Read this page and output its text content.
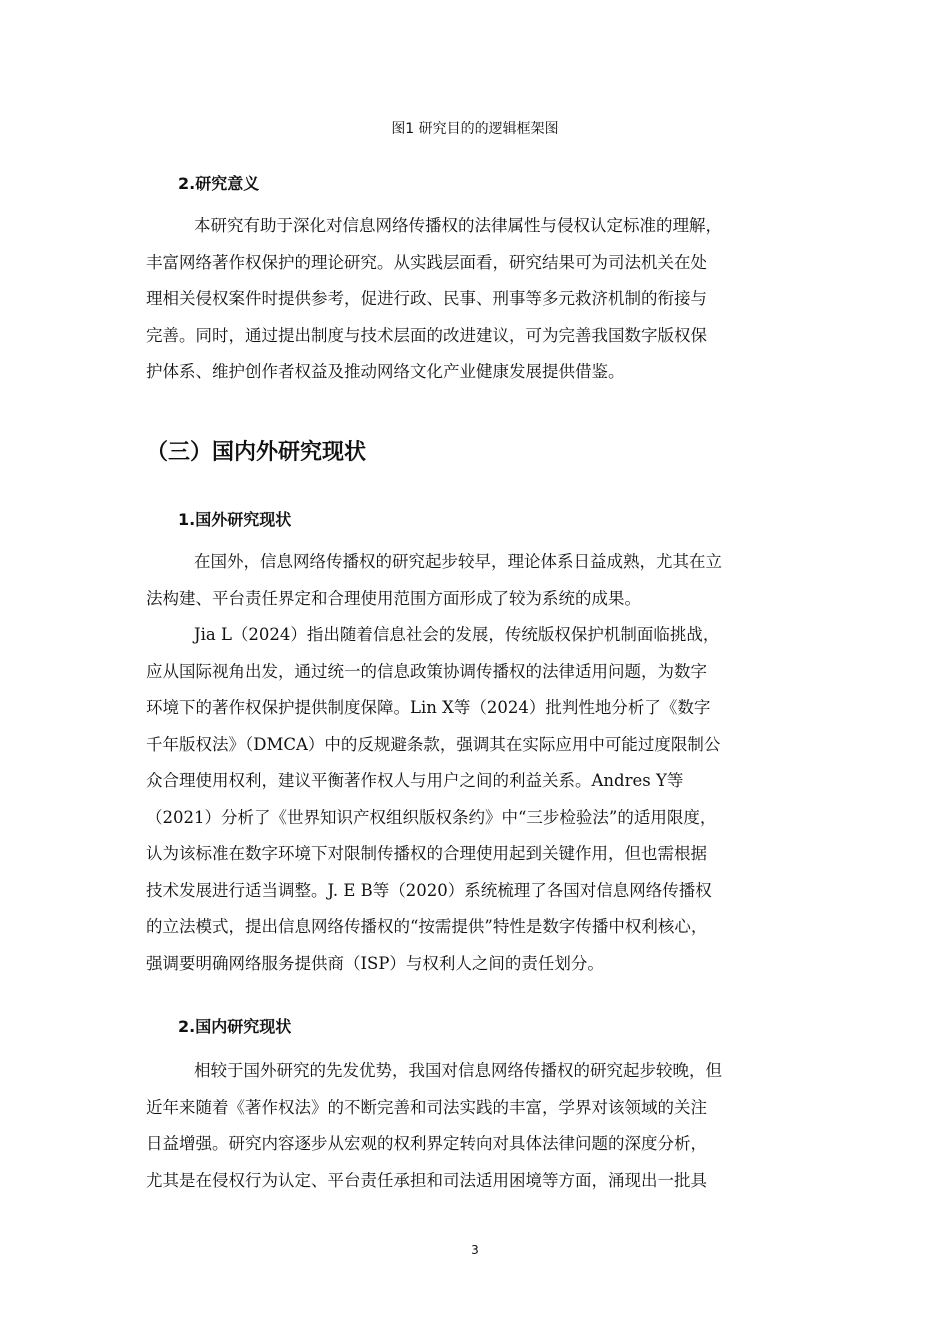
图1 研究目的的逻辑框架图
2.研究意义
本研究有助于深化对信息网络传播权的法律属性与侵权认定标准的理解，
丰富网络著作权保护的理论研究。从实践层面看，研究结果可为司法机关在处
理相关侵权案件时提供参考，促进行政、民事、刑事等多元救济机制的衔接与
完善。同时，通过提出制度与技术层面的改进建议，可为完善我国数字版权保
护体系、维护创作者权益及推动网络文化产业健康发展提供借鉴。
（三）国内外研究现状
1.国外研究现状
在国外，信息网络传播权的研究起步较早，理论体系日益成熟，尤其在立
法构建、平台责任界定和合理使用范围方面形成了较为系统的成果。
Jia L（2024）指出随着信息社会的发展，传统版权保护机制面临挑战，
应从国际视角出发，通过统一的信息政策协调传播权的法律适用问题，为数字
环境下的著作权保护提供制度保障。Lin X等（2024）批判性地分析了《数字
千年版权法》（DMCA）中的反规避条款，强调其在实际应用中可能过度限制公
众合理使用权利，建议平衡著作权人与用户之间的利益关系。Andres Y等
（2021）分析了《世界知识产权组织版权条约》中“三步检验法”的适用限度，
认为该标准在数字环境下对限制传播权的合理使用起到关键作用，但也需根据
技术发展进行适当调整。J. E B等（2020）系统梳理了各国对信息网络传播权
的立法模式，提出信息网络传播权的“按需提供”特性是数字传播中权利核心，
强调要明确网络服务提供商（ISP）与权利人之间的责任划分。
2.国内研究现状
相较于国外研究的先发优势，我国对信息网络传播权的研究起步较晚，但
近年来随着《著作权法》的不断完善和司法实践的丰富，学界对该领域的关注
日益增强。研究内容逐步从宏观的权利界定转向对具体法律问题的深度分析，
尤其是在侵权行为认定、平台责任承担和司法适用困境等方面，涌现出一批具
3
